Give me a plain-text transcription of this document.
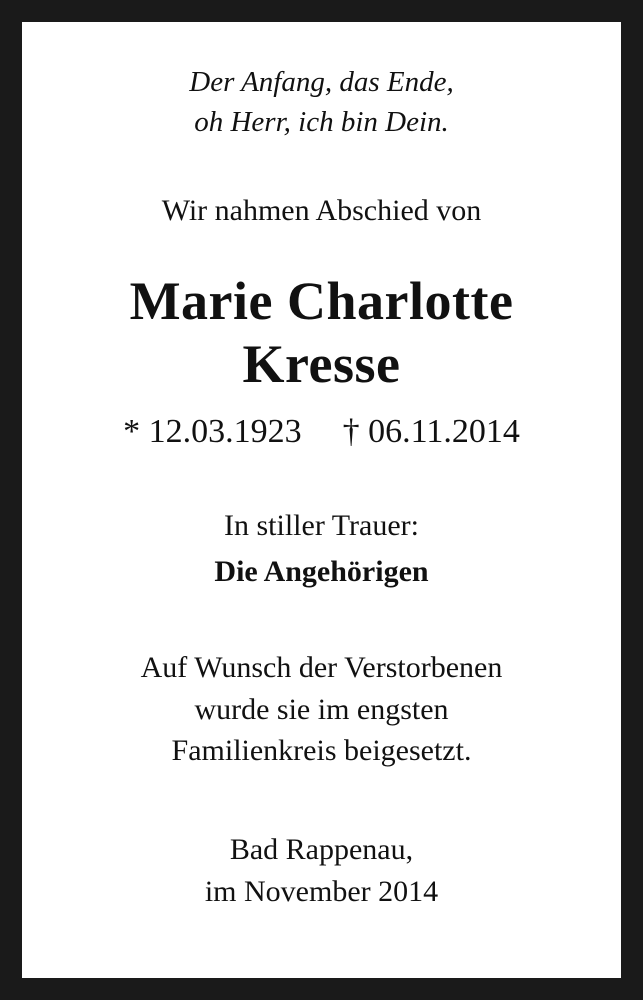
Der Anfang, das Ende,
oh Herr, ich bin Dein.
Wir nahmen Abschied von
Marie Charlotte
Kresse
* 12.03.1923 † 06.11.2014
In stiller Trauer:
Die Angehörigen
Auf Wunsch der Verstorbenen
wurde sie im engsten
Familienkreis beigesetzt.
Bad Rappenau,
im November 2014
